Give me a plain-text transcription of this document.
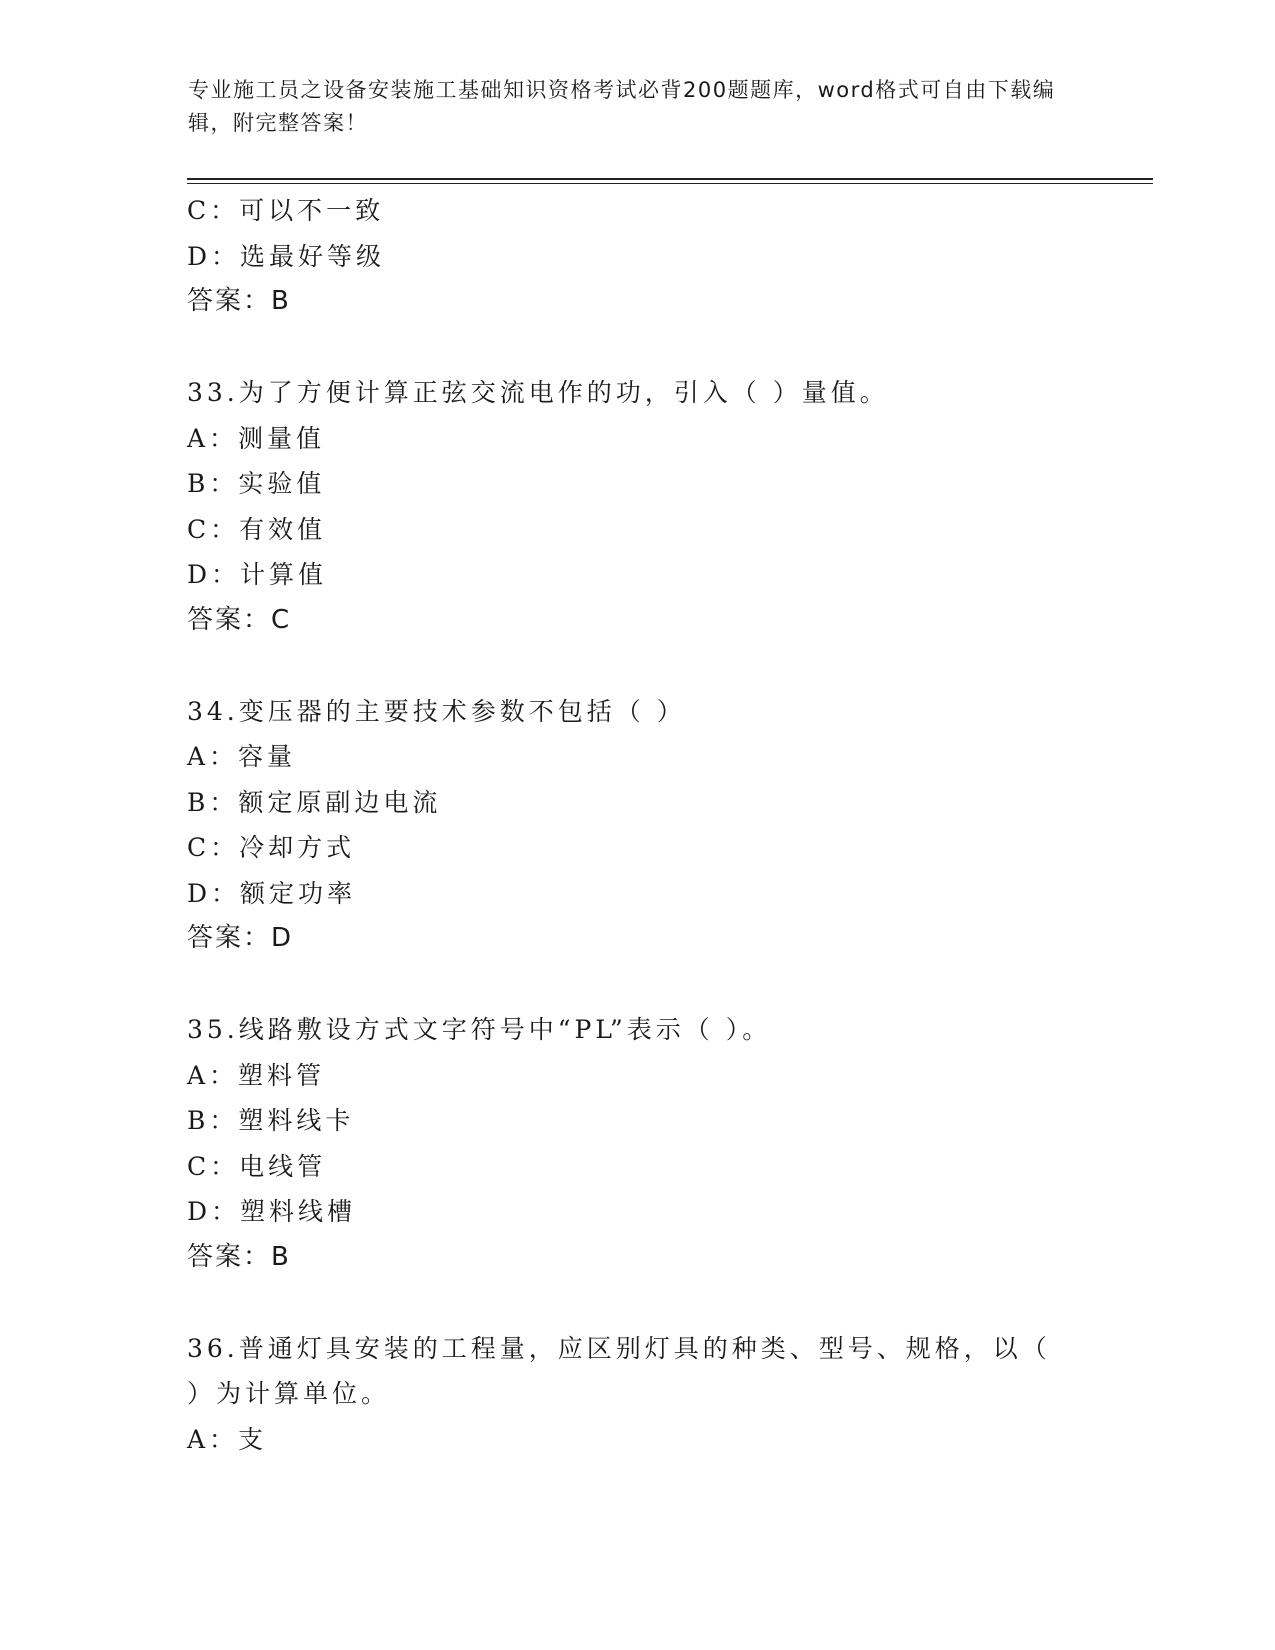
专业施工员之设备安装施工基础知识资格考试必背200题题库，word格式可自由下载编辑，附完整答案！
C：可以不一致
D：选最好等级
答案：B
33.为了方便计算正弦交流电作的功，引入（ ）量值。
A：测量值
B：实验值
C：有效值
D：计算值
答案：C
34.变压器的主要技术参数不包括（ ）
A：容量
B：额定原副边电流
C：冷却方式
D：额定功率
答案：D
35.线路敷设方式文字符号中“PL”表示（ ）。
A：塑料管
B：塑料线卡
C：电线管
D：塑料线槽
答案：B
36.普通灯具安装的工程量，应区别灯具的种类、型号、规格，以（
）为计算单位。
A：支
